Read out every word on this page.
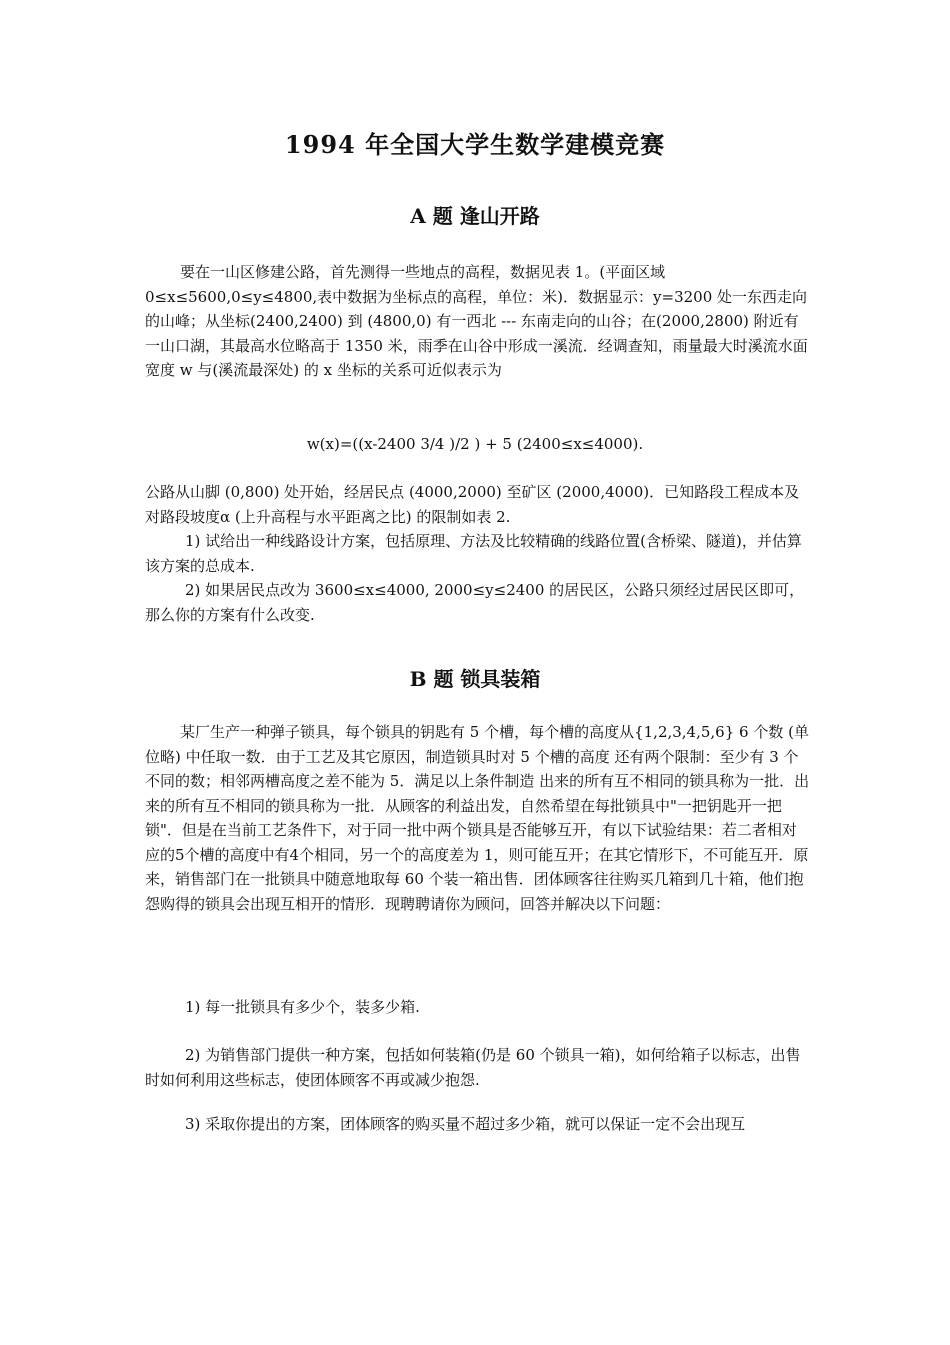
1994 年全国大学生数学建模竞赛
A 题 逢山开路

要在一山区修建公路，首先测得一些地点的高程，数据见表 1。(平面区域 0≤x≤5600,0≤y≤4800,表中数据为坐标点的高程，单位：米)．数据显示：y=3200 处一东西走向的山峰；从坐标(2400,2400) 到 (4800,0) 有一西北 --- 东南走向的山谷；在(2000,2800) 附近有一山口湖，其最高水位略高于 1350 米，雨季在山谷中形成一溪流．经调查知，雨量最大时溪流水面宽度 w 与(溪流最深处) 的 x 坐标的关系可近似表示为

w(x)=((x-2400 3/4 )/2 ) + 5 (2400≤x≤4000).

公路从山脚 (0,800) 处开始，经居民点 (4000,2000) 至矿区 (2000,4000)．已知路段工程成本及对路段坡度α (上升高程与水平距离之比) 的限制如表 2.

1) 试给出一种线路设计方案，包括原理、方法及比较精确的线路位置(含桥梁、隧道)，并估算该方案的总成本.

2) 如果居民点改为 3600≤x≤4000, 2000≤y≤2400 的居民区，公路只须经过居民区即可，那么你的方案有什么改变.

B 题 锁具装箱

某厂生产一种弹子锁具，每个锁具的钥匙有 5 个槽，每个槽的高度从{1,2,3,4,5,6} 6 个数 (单位略) 中任取一数．由于工艺及其它原因，制造锁具时对 5 个槽的高度 还有两个限制：至少有 3 个不同的数；相邻两槽高度之差不能为 5．满足以上条件制造 出来的所有互不相同的锁具称为一批．出来的所有互不相同的锁具称为一批．从顾客的利益出发，自然希望在每批锁具中"一把钥匙开一把锁"．但是在当前工艺条件下，对于同一批中两个锁具是否能够互开，有以下试验结果：若二者相对应的5个槽的高度中有4个相同，另一个的高度差为 1，则可能互开；在其它情形下，不可能互开．原来，销售部门在一批锁具中随意地取每 60 个装一箱出售．团体顾客往往购买几箱到几十箱，他们抱怨购得的锁具会出现互相开的情形．现聘聘请你为顾问，回答并解决以下问题：

1) 每一批锁具有多少个，装多少箱.

2) 为销售部门提供一种方案，包括如何装箱(仍是 60 个锁具一箱)，如何给箱子以标志，出售时如何利用这些标志，使团体顾客不再或减少抱怨.

3) 采取你提出的方案，团体顾客的购买量不超过多少箱，就可以保证一定不会出现互
